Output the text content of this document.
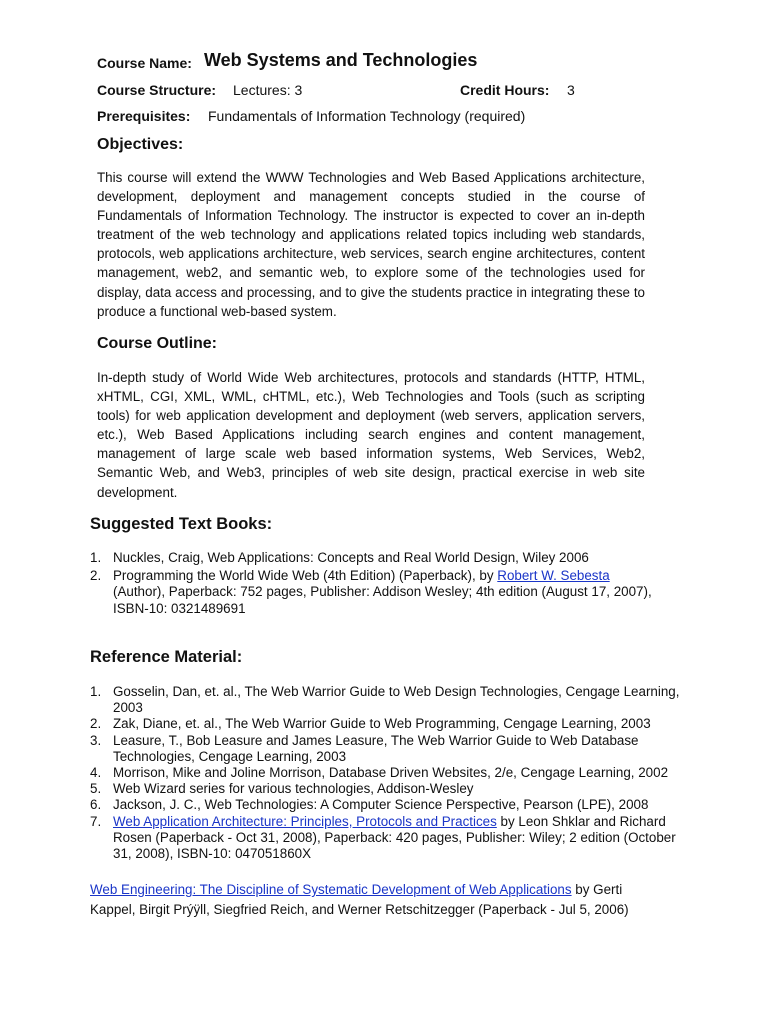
Course Name: Web Systems and Technologies
Course Structure: Lectures: 3	Credit Hours: 3
Prerequisites: Fundamentals of Information Technology (required)
Objectives:
This course will extend the WWW Technologies and Web Based Applications architecture, development, deployment and management concepts studied in the course of Fundamentals of Information Technology. The instructor is expected to cover an in-depth treatment of the web technology and applications related topics including web standards, protocols, web applications architecture, web services, search engine architectures, content management, web2, and semantic web, to explore some of the technologies used for display, data access and processing, and to give the students practice in integrating these to produce a functional web-based system.
Course Outline:
In-depth study of World Wide Web architectures, protocols and standards (HTTP, HTML, xHTML, CGI, XML, WML, cHTML, etc.), Web Technologies and Tools (such as scripting tools) for web application development and deployment (web servers, application servers, etc.), Web Based Applications including search engines and content management, management of large scale web based information systems, Web Services, Web2, Semantic Web, and Web3, principles of web site design, practical exercise in web site development.
Suggested Text Books:
1. Nuckles, Craig, Web Applications: Concepts and Real World Design, Wiley 2006
2. Programming the World Wide Web (4th Edition) (Paperback), by Robert W. Sebesta (Author), Paperback: 752 pages, Publisher: Addison Wesley; 4th edition (August 17, 2007), ISBN-10: 0321489691
Reference Material:
1. Gosselin, Dan, et. al., The Web Warrior Guide to Web Design Technologies, Cengage Learning, 2003
2. Zak, Diane, et. al., The Web Warrior Guide to Web Programming, Cengage Learning, 2003
3. Leasure, T., Bob Leasure and James Leasure, The Web Warrior Guide to Web Database Technologies, Cengage Learning, 2003
4. Morrison, Mike and Joline Morrison, Database Driven Websites, 2/e, Cengage Learning, 2002
5. Web Wizard series for various technologies, Addison-Wesley
6. Jackson, J. C., Web Technologies: A Computer Science Perspective, Pearson (LPE), 2008
7. Web Application Architecture: Principles, Protocols and Practices by Leon Shklar and Richard Rosen (Paperback - Oct 31, 2008), Paperback: 420 pages, Publisher: Wiley; 2 edition (October 31, 2008), ISBN-10: 047051860X
Web Engineering: The Discipline of Systematic Development of Web Applications by Gerti Kappel, Birgit Prýÿll, Siegfried Reich, and Werner Retschitzegger (Paperback - Jul 5, 2006)
